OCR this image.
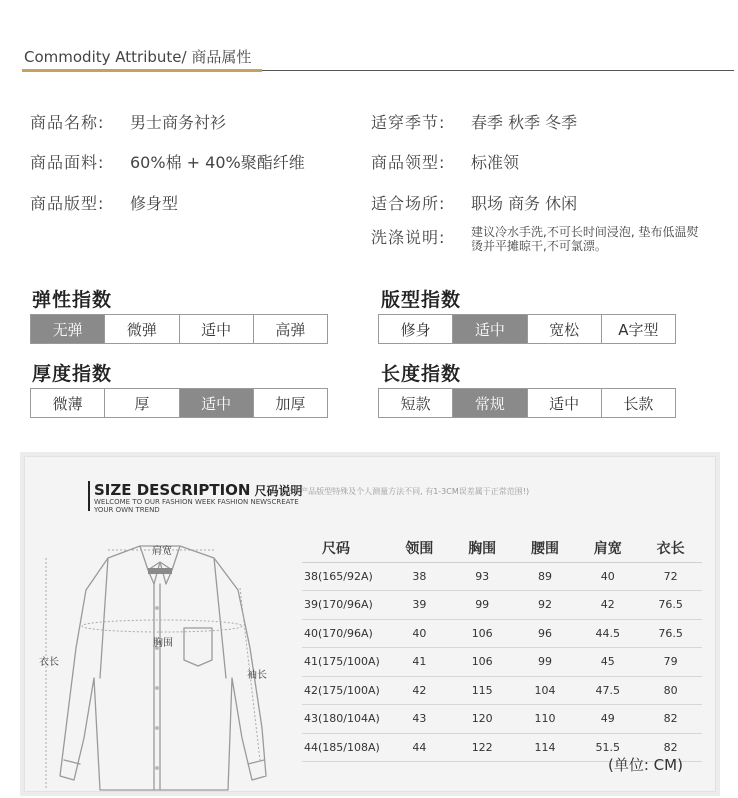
Commodity Attribute/ 商品属性
商品名称: 男士商务衬衫	适穿季节: 春季 秋季 冬季
商品面料: 60%棉 + 40%聚酯纤维	商品领型: 标准领
商品版型: 修身型	适合场所: 职场 商务 休闲
洗涤说明: 建议冷水手洗,不可长时间浸泡, 垫布低温熨烫并平摊晾干,不可氯漂。
弹性指数
无弹	微弹	适中	高弹
版型指数
修身	适中	宽松	A字型
厚度指数
微薄	厚	适中	加厚
长度指数
短款	常规	适中	长款
SIZE DESCRIPTION 尺码说明
(部分产品版型特殊及个人测量方法不同, 有1-3CM误差属于正常范围!)
WELCOME TO OUR FASHION WEEK FASHION NEWSCREATE YOUR OWN TREND
肩宽
胸围
衣长
袖长
尺码	领围	胸围	腰围	肩宽	衣长
38(165/92A)	38	93	89	40	72
39(170/96A)	39	99	92	42	76.5
40(170/96A)	40	106	96	44.5	76.5
41(175/100A)	41	106	99	45	79
42(175/100A)	42	115	104	47.5	80
43(180/104A)	43	120	110	49	82
44(185/108A)	44	122	114	51.5	82
(单位: CM)
